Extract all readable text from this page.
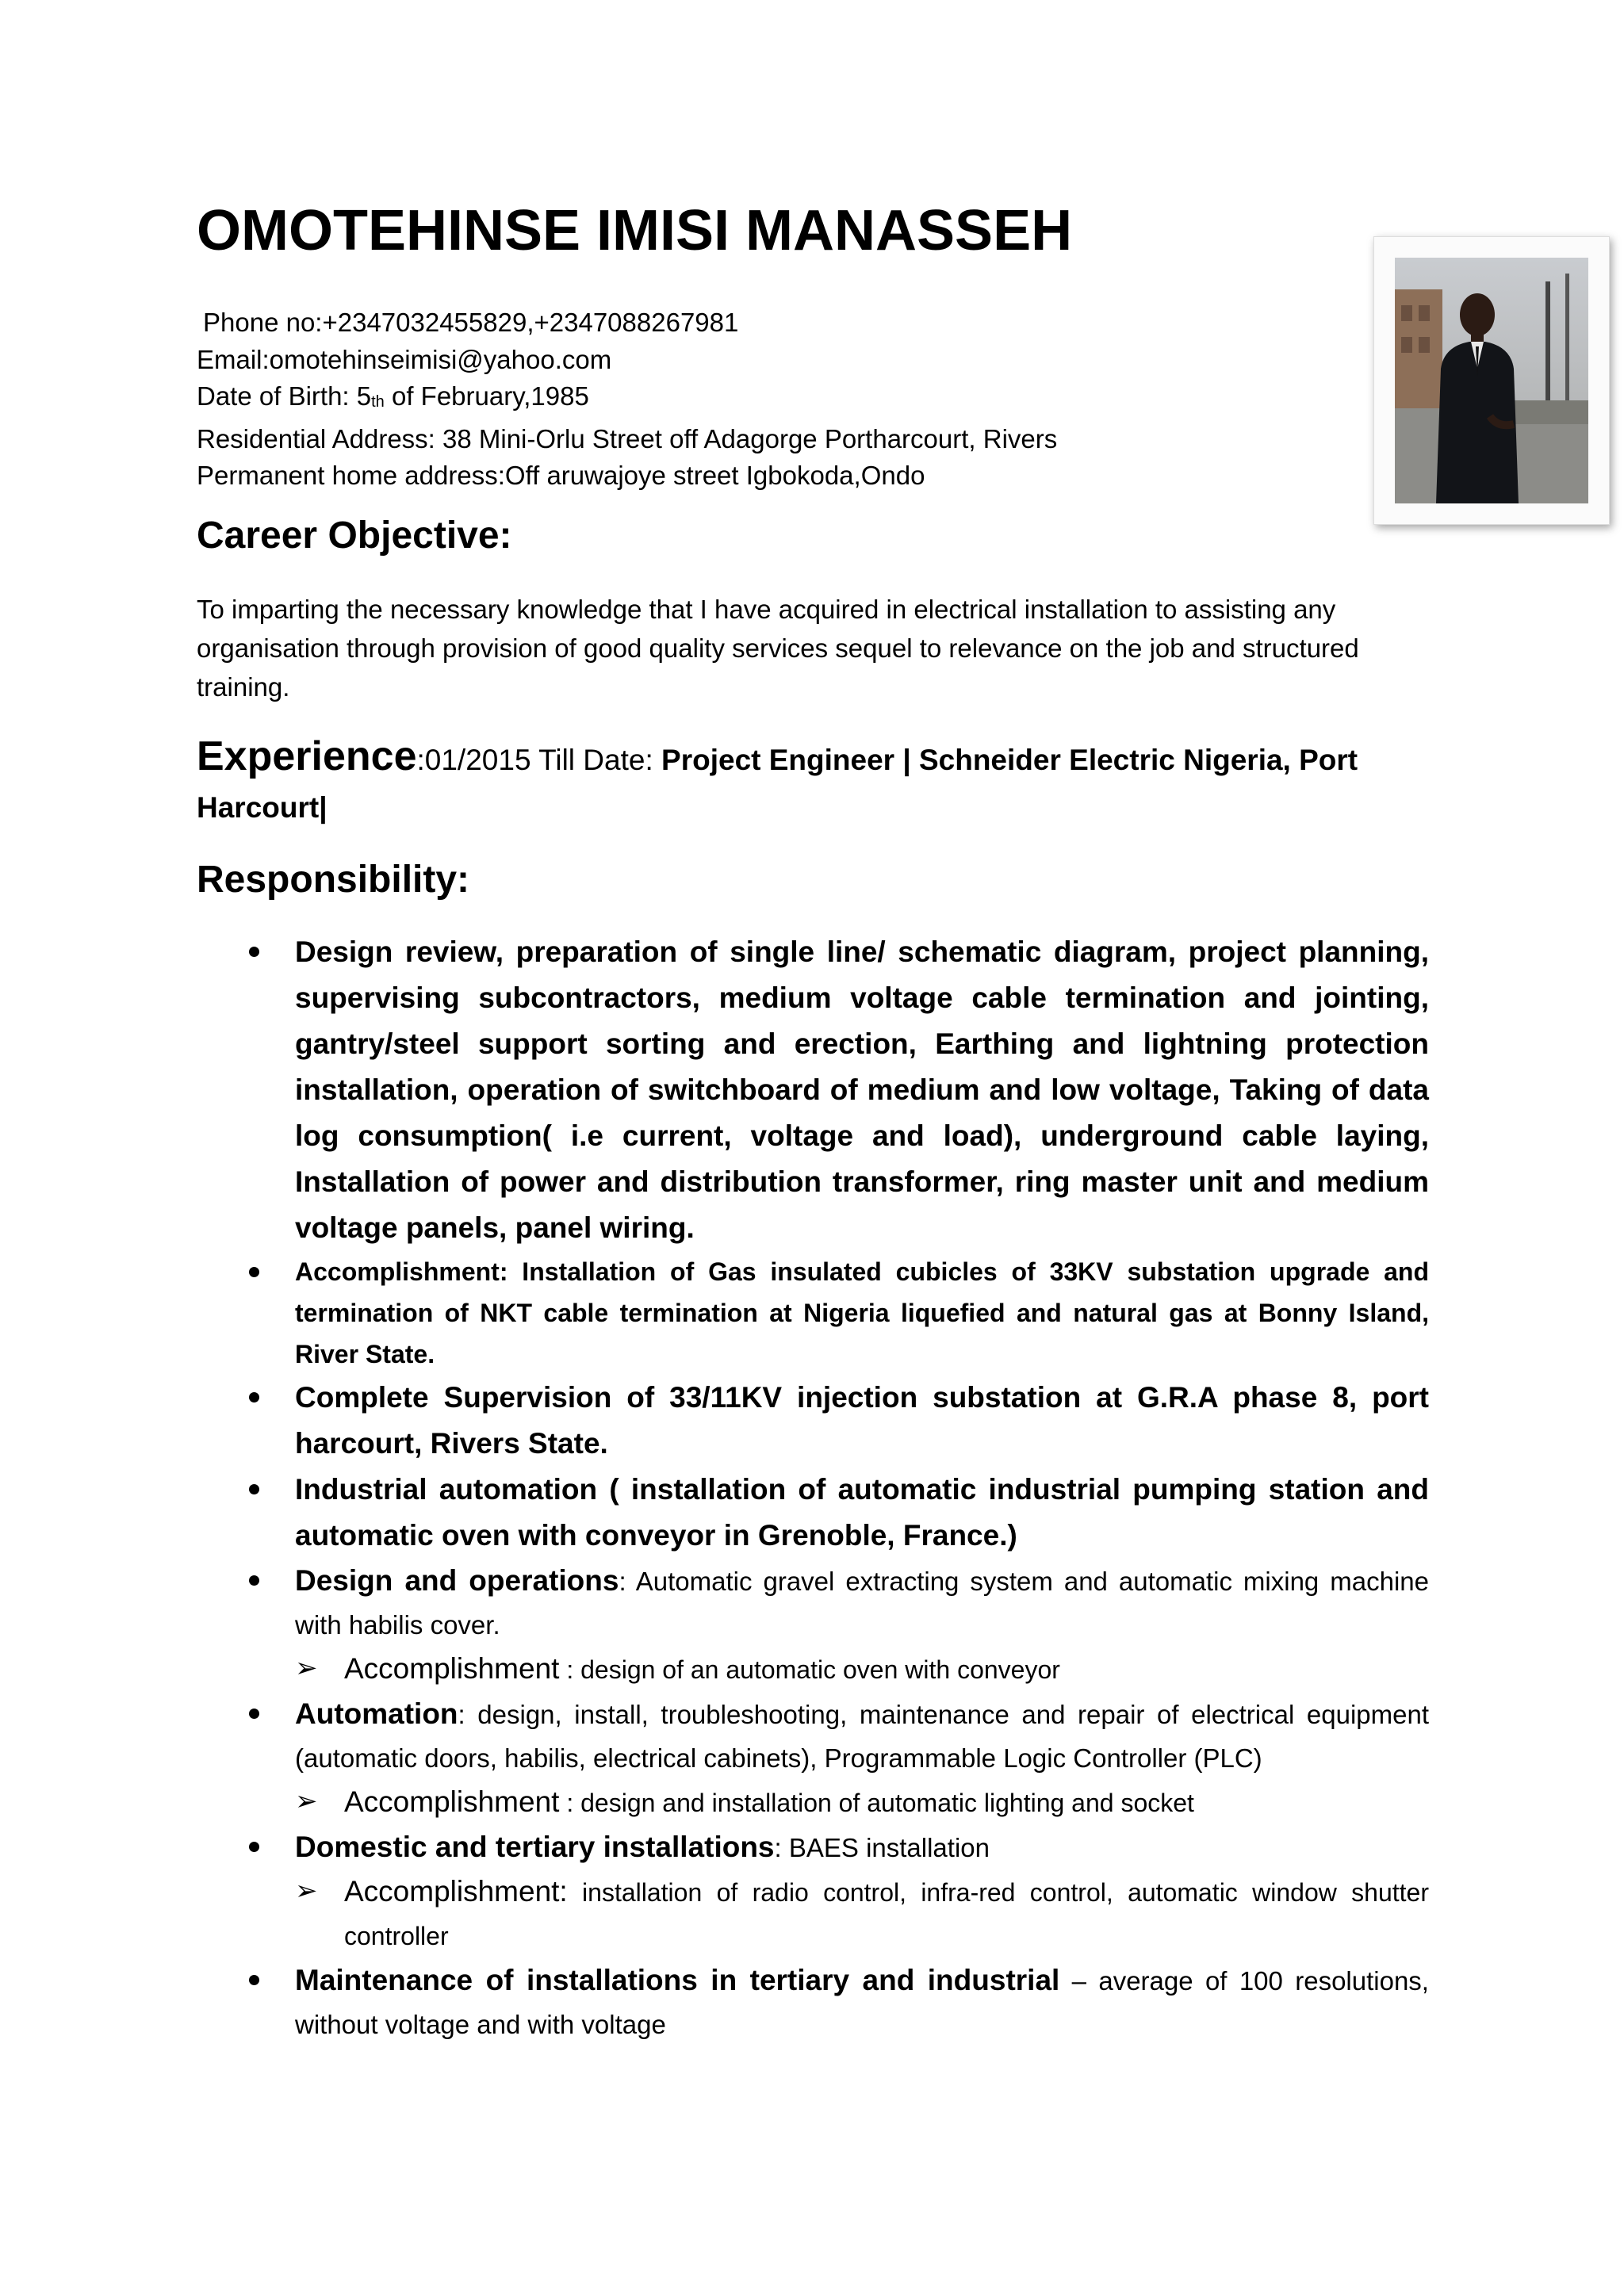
OMOTEHINSE IMISI MANASSEH
Phone no:+2347032455829,+2347088267981
Email:omotehinseimisi@yahoo.com
Date of Birth: 5th of February,1985
Residential Address: 38 Mini-Orlu Street off Adagorge Portharcourt, Rivers
Permanent home address:Off aruwajoye street Igbokoda,Ondo
Career Objective:
To imparting the necessary knowledge that I have acquired in electrical installation to assisting any organisation through provision of good quality services sequel to relevance on the job and structured training.
Experience:01/2015 Till Date: Project Engineer | Schneider Electric Nigeria, Port Harcourt|
Responsibility:
Design review, preparation of single line/ schematic diagram, project planning, supervising subcontractors, medium voltage cable termination and jointing, gantry/steel support sorting and erection, Earthing and lightning protection installation, operation of switchboard of medium and low voltage, Taking of data log consumption( i.e current, voltage and load), underground cable laying, Installation of power and distribution transformer, ring master unit and medium voltage panels, panel wiring.
Accomplishment: Installation of Gas insulated cubicles of 33KV substation upgrade and termination of NKT cable termination at Nigeria liquefied and natural gas at Bonny Island, River State.
Complete Supervision of 33/11KV injection substation at G.R.A phase 8, port harcourt, Rivers State.
Industrial automation ( installation of automatic industrial pumping station and automatic oven with conveyor in Grenoble, France.)
Design and operations: Automatic gravel extracting system and automatic mixing machine with habilis cover.
➢ Accomplishment : design of an automatic oven with conveyor
Automation: design, install, troubleshooting, maintenance and repair of electrical equipment (automatic doors, habilis, electrical cabinets), Programmable Logic Controller (PLC)
➢ Accomplishment : design and installation of automatic lighting and socket
Domestic and tertiary installations: BAES installation
➢ Accomplishment: installation of radio control, infra-red control, automatic window shutter controller
Maintenance of installations in tertiary and industrial – average of 100 resolutions, without voltage and with voltage
